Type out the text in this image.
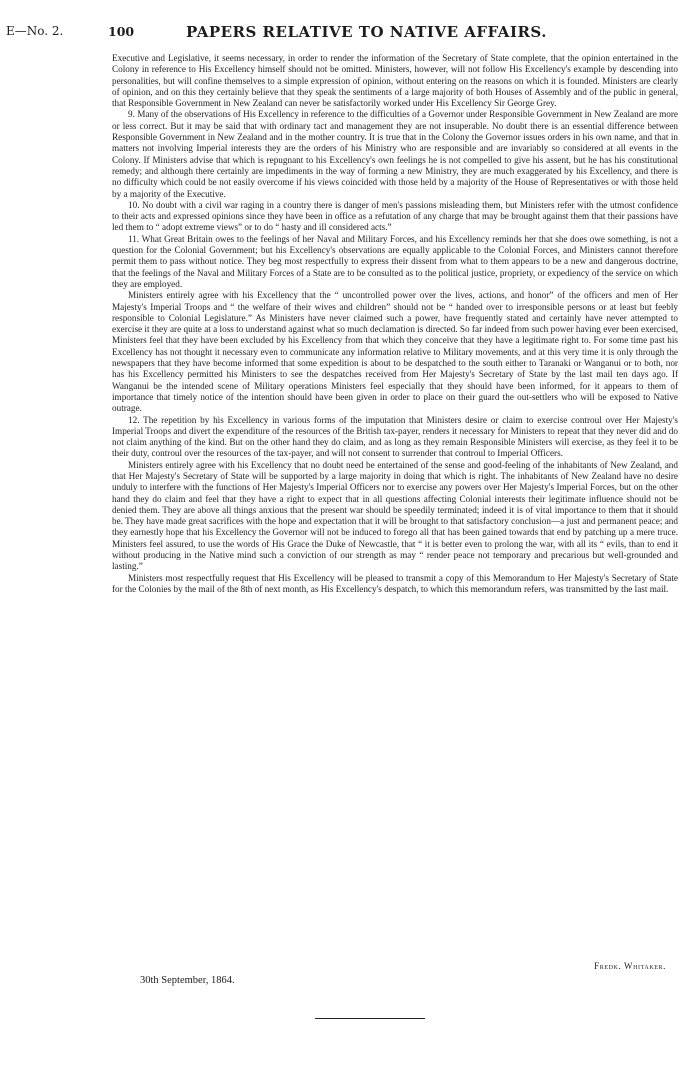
E—No. 2.	100	PAPERS RELATIVE TO NATIVE AFFAIRS.

Executive and Legislative, it seems necessary, in order to render the information of the Secretary of State complete, that the opinion entertained in the Colony in reference to His Excellency himself should not be omitted. Ministers, however, will not follow His Excellency's example by descending into personalities, but will confine themselves to a simple expression of opinion, without entering on the reasons on which it is founded. Ministers are clearly of opinion, and on this they certainly believe that they speak the sentiments of a large majority of both Houses of Assembly and of the public in general, that Responsible Government in New Zealand can never be satisfactorily worked under His Excellency Sir George Grey.

9. Many of the observations of His Excellency in reference to the difficulties of a Governor under Responsible Government in New Zealand are more or less correct. But it may be said that with ordinary tact and management they are not insuperable. No doubt there is an essential difference between Responsible Government in New Zealand and in the mother country. It is true that in the Colony the Governor issues orders in his own name, and that in matters not involving Imperial interests they are the orders of his Ministry who are responsible and are invariably so considered at all events in the Colony. If Ministers advise that which is repugnant to his Excellency's own feelings he is not compelled to give his assent, but he has his constitutional remedy; and although there certainly are impediments in the way of forming a new Ministry, they are much exaggerated by his Excellency, and there is no difficulty which could be not easily overcome if his views coincided with those held by a majority of the House of Representatives or with those held by a majority of the Executive.

10. No doubt with a civil war raging in a country there is danger of men's passions misleading them, but Ministers refer with the utmost confidence to their acts and expressed opinions since they have been in office as a refutation of any charge that may be brought against them that their passions have led them to “ adopt extreme views” or to do “ hasty and ill considered acts.”

11. What Great Britain owes to the feelings of her Naval and Military Forces, and his Excellency reminds her that she does owe something, is not a question for the Colonial Government; but his Excellency's observations are equally applicable to the Colonial Forces, and Ministers cannot therefore permit them to pass without notice. They beg most respectfully to express their dissent from what to them appears to be a new and dangerous doctrine, that the feelings of the Naval and Military Forces of a State are to be consulted as to the political justice, propriety, or expediency of the service on which they are employed.

Ministers entirely agree with his Excellency that the “ uncontrolled power over the lives, actions, and honor” of the officers and men of Her Majesty's Imperial Troops and “ the welfare of their wives and children” should not be “ handed over to irresponsible persons or at least but feebly responsible to Colonial Legislature.” As Ministers have never claimed such a power, have frequently stated and certainly have never attempted to exercise it they are quite at a loss to understand against what so much declamation is directed. So far indeed from such power having ever been exercised, Ministers feel that they have been excluded by his Excellency from that which they conceive that they have a legitimate right to. For some time past his Excellency has not thought it necessary even to communicate any information relative to Military movements, and at this very time it is only through the newspapers that they have become informed that some expedition is about to be despatched to the south either to Taranaki or Wanganui or to both, nor has his Excellency permitted his Ministers to see the despatches received from Her Majesty's Secretary of State by the last mail ten days ago. If Wanganui be the intended scene of Military operations Ministers feel especially that they should have been informed, for it appears to them of importance that timely notice of the intention should have been given in order to place on their guard the out-settlers who will be exposed to Native outrage.

12. The repetition by his Excellency in various forms of the imputation that Ministers desire or claim to exercise controul over Her Majesty's Imperial Troops and divert the expenditure of the resources of the British tax-payer, renders it necessary for Ministers to repeat that they never did and do not claim anything of the kind. But on the other hand they do claim, and as long as they remain Responsible Ministers will exercise, as they feel it to be their duty, controul over the resources of the tax-payer, and will not consent to surrender that controul to Imperial Officers.

Ministers entirely agree with his Excellency that no doubt need be entertained of the sense and good-feeling of the inhabitants of New Zealand, and that Her Majesty's Secretary of State will be supported by a large majority in doing that which is right. The inhabitants of New Zealand have no desire unduly to interfere with the functions of Her Majesty's Imperial Officers nor to exercise any powers over Her Majesty's Imperial Forces, but on the other hand they do claim and feel that they have a right to expect that in all questions affecting Colonial interests their legitimate influence should not be denied them. They are above all things anxious that the present war should be speedily terminated; indeed it is of vital importance to them that it should be. They have made great sacrifices with the hope and expectation that it will be brought to that satisfactory conclusion—a just and permanent peace; and they earnestly hope that his Excellency the Governor will not be induced to forego all that has been gained towards that end by patching up a mere truce. Ministers feel assured, to use the words of His Grace the Duke of Newcastle, that “ it is better even to prolong the war, with all its “ evils, than to end it without producing in the Native mind such a conviction of our strength as may “ render peace not temporary and precarious but well-grounded and lasting.”

Ministers most respectfully request that His Excellency will be pleased to transmit a copy of this Memorandum to Her Majesty's Secretary of State for the Colonies by the mail of the 8th of next month, as His Excellency's despatch, to which this memorandum refers, was transmitted by the last mail.

Fredk. Whitaker.
30th September, 1864.
